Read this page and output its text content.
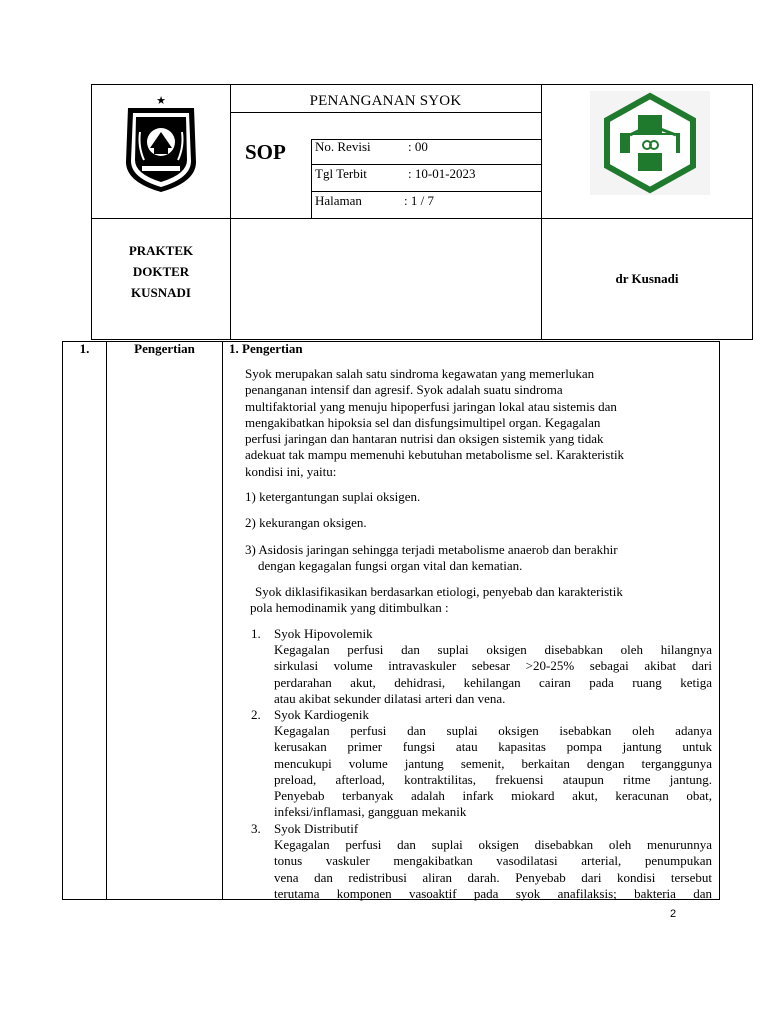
★	PENANGANAN SYOK
SOP No. Revisi	: 00
Tgl Terbit	: 10-01-2023
Halaman	: 1 / 7
PRAKTEK
DOKTER
KUSNADI
dr Kusnadi
1.	Pengertian	1. Pengertian
Syok merupakan salah satu sindroma kegawatan yang memerlukan
penanganan intensif dan agresif. Syok adalah suatu sindroma
multifaktorial yang menuju hipoperfusi jaringan lokal atau sistemis dan
mengakibatkan hipoksia sel dan disfungsimultipel organ. Kegagalan
perfusi jaringan dan hantaran nutrisi dan oksigen sistemik yang tidak
adekuat tak mampu memenuhi kebutuhan metabolisme sel. Karakteristik
kondisi ini, yaitu:
1) ketergantungan suplai oksigen.
2) kekurangan oksigen.
3) Asidosis jaringan sehingga terjadi metabolisme anaerob dan berakhir
dengan kegagalan fungsi organ vital dan kematian.
Syok diklasifikasikan berdasarkan etiologi, penyebab dan karakteristik
pola hemodinamik yang ditimbulkan :
1. Syok Hipovolemik
Kegagalan perfusi dan suplai oksigen disebabkan oleh hilangnya
sirkulasi volume intravaskuler sebesar >20-25% sebagai akibat dari
perdarahan akut, dehidrasi, kehilangan cairan pada ruang ketiga
atau akibat sekunder dilatasi arteri dan vena.
2. Syok Kardiogenik
Kegagalan perfusi dan suplai oksigen isebabkan oleh adanya
kerusakan primer fungsi atau kapasitas pompa jantung untuk
mencukupi volume jantung semenit, berkaitan dengan terganggunya
preload, afterload, kontraktilitas, frekuensi ataupun ritme jantung.
Penyebab terbanyak adalah infark miokard akut, keracunan obat,
infeksi/inflamasi, gangguan mekanik
3. Syok Distributif
Kegagalan perfusi dan suplai oksigen disebabkan oleh menurunnya
tonus vaskuler mengakibatkan vasodilatasi arterial, penumpukan
vena dan redistribusi aliran darah. Penyebab dari kondisi tersebut
terutama komponen vasoaktif pada syok anafilaksis; bakteria dan
2
